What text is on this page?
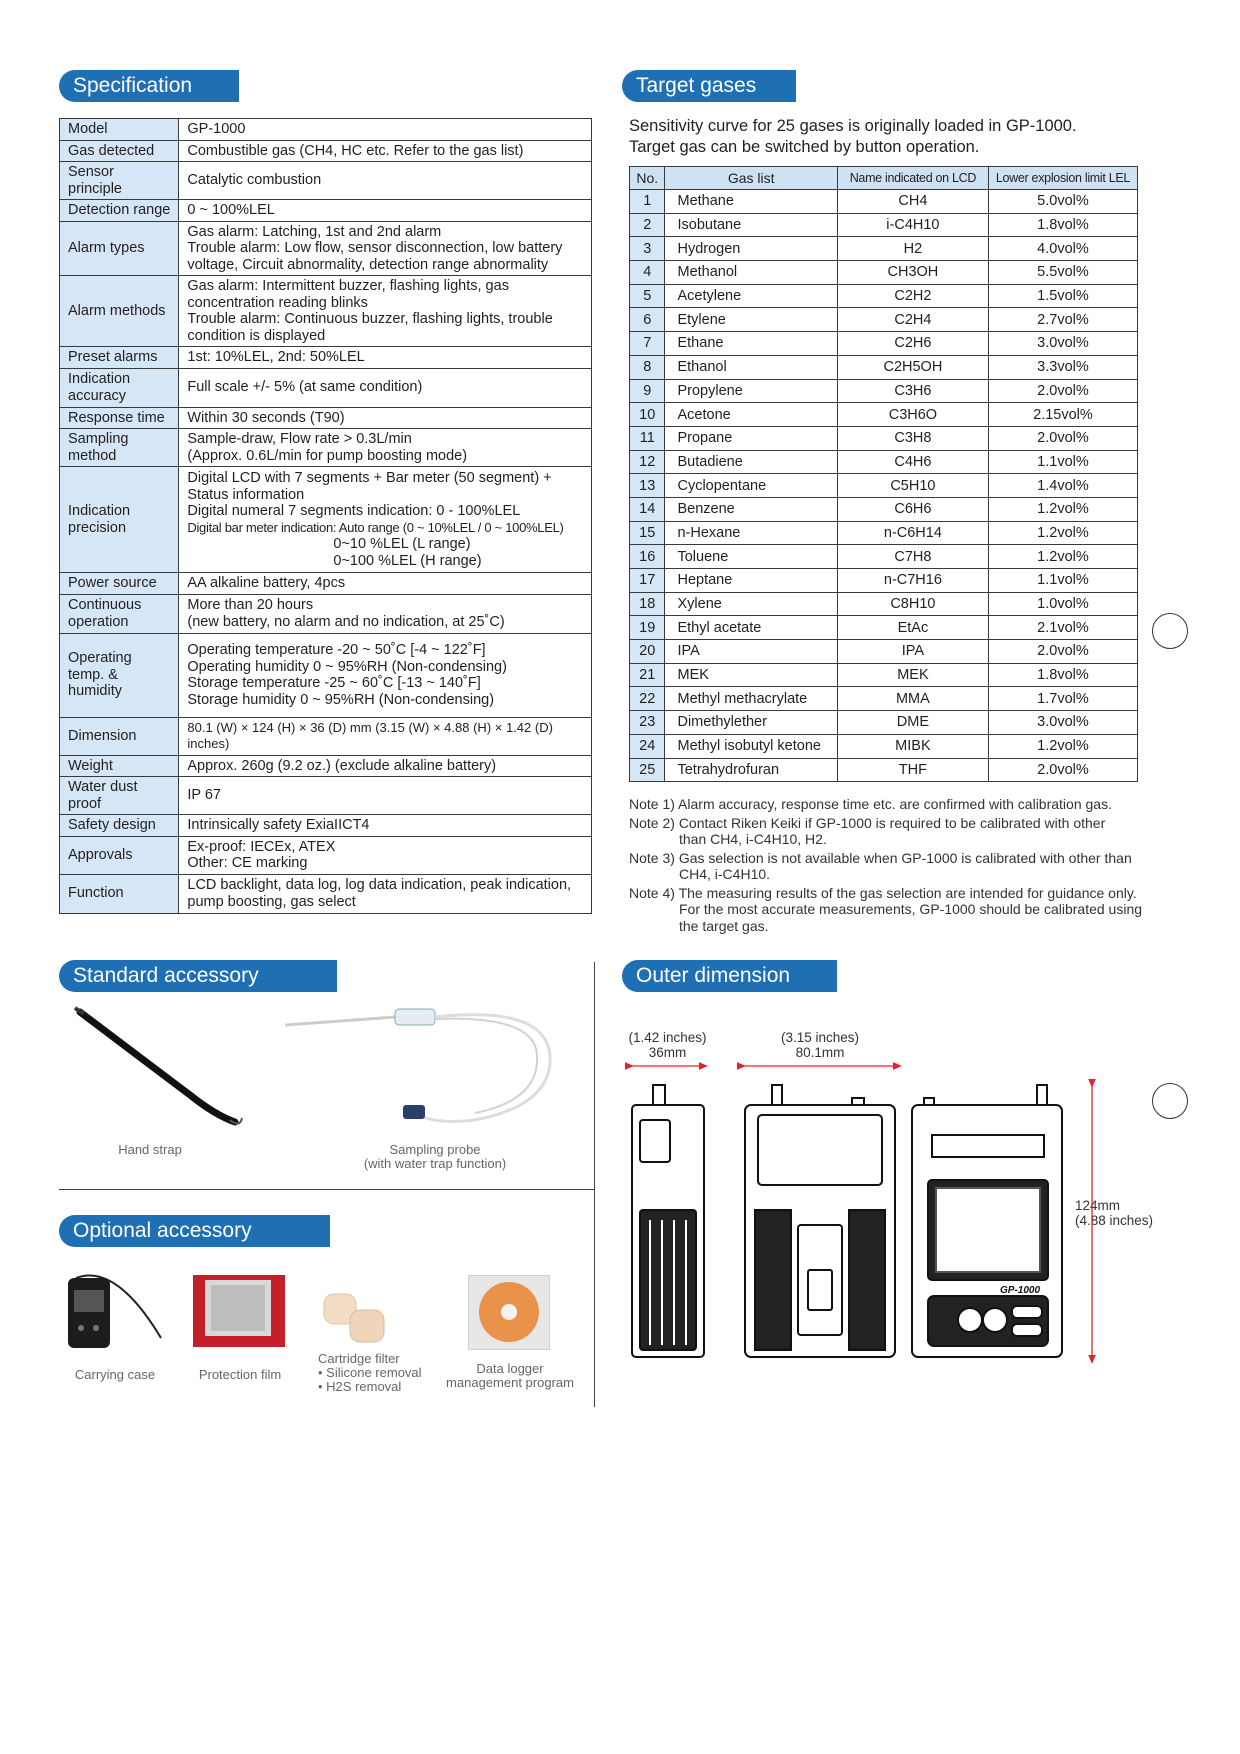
Specification
Model	GP-1000
Gas detected	Combustible gas (CH4, HC etc. Refer to the gas list)
Sensor principle	Catalytic combustion
Detection range	0 ~ 100%LEL
Alarm types	Gas alarm: Latching, 1st and 2nd alarm
Trouble alarm: Low flow, sensor disconnection, low battery voltage, Circuit abnormality, detection range abnormality

Alarm methods	Gas alarm: Intermittent buzzer, flashing lights, gas concentration reading blinks
Trouble alarm: Continuous buzzer, flashing lights, trouble condition is displayed

Preset alarms	1st: 10%LEL, 2nd: 50%LEL
Indication accuracy	Full scale +/- 5% (at same condition)
Response time	Within 30 seconds (T90)
Sampling method	Sample-draw, Flow rate > 0.3L/min
(Approx. 0.6L/min for pump boosting mode)

Indication precision	Digital LCD with 7 segments + Bar meter (50 segment) + Status information
Digital numeral 7 segments indication: 0 - 100%LEL
Digital bar meter indication: Auto range (0 ~ 10%LEL / 0 ~ 100%LEL)
0~10 %LEL (L range)
0~100 %LEL (H range)

Power source	AA alkaline battery, 4pcs
Continuous operation	More than 20 hours
(new battery, no alarm and no indication, at 25˚C)

Operating temp. & humidity	Operating temperature -20 ~ 50˚C [-4 ~ 122˚F]
Operating humidity 0 ~ 95%RH (Non-condensing)
Storage temperature -25 ~ 60˚C [-13 ~ 140˚F]
Storage humidity 0 ~ 95%RH (Non-condensing)

Dimension	80.1 (W) × 124 (H) × 36 (D) mm (3.15 (W) × 4.88 (H) × 1.42 (D) inches)
Weight	Approx. 260g (9.2 oz.) (exclude alkaline battery)
Water dust proof	IP 67
Safety design	Intrinsically safety ExiaIICT4
Approvals	Ex-proof: IECEx, ATEX
Other: CE marking

Function	LCD backlight, data log, log data indication, peak indication,
pump boosting, gas select
Target gases
Sensitivity curve for 25 gases is originally loaded in GP-1000.
Target gas can be switched by button operation.
No.	Gas list	Name indicated on LCD	Lower explosion limit LEL
1	Methane	CH4	5.0vol%
2	Isobutane	i-C4H10	1.8vol%
3	Hydrogen	H2	4.0vol%
4	Methanol	CH3OH	5.5vol%
5	Acetylene	C2H2	1.5vol%
6	Etylene	C2H4	2.7vol%
7	Ethane	C2H6	3.0vol%
8	Ethanol	C2H5OH	3.3vol%
9	Propylene	C3H6	2.0vol%
10	Acetone	C3H6O	2.15vol%
11	Propane	C3H8	2.0vol%
12	Butadiene	C4H6	1.1vol%
13	Cyclopentane	C5H10	1.4vol%
14	Benzene	C6H6	1.2vol%
15	n-Hexane	n-C6H14	1.2vol%
16	Toluene	C7H8	1.2vol%
17	Heptane	n-C7H16	1.1vol%
18	Xylene	C8H10	1.0vol%
19	Ethyl acetate	EtAc	2.1vol%
20	IPA	IPA	2.0vol%
21	MEK	MEK	1.8vol%
22	Methyl methacrylate	MMA	1.7vol%
23	Dimethylether	DME	3.0vol%
24	Methyl isobutyl ketone	MIBK	1.2vol%
25	Tetrahydrofuran	THF	2.0vol%
Note 1) Alarm accuracy, response time etc. are confirmed with calibration gas.
Note 2) Contact Riken Keiki if GP-1000 is required to be calibrated with other
than CH4, i-C4H10, H2.
Note 3) Gas selection is not available when GP-1000 is calibrated with other than
CH4, i-C4H10.
Note 4) The measuring results of the gas selection are intended for guidance only.
For the most accurate measurements, GP-1000 should be calibrated using
the target gas.
Standard accessory
Hand strap	Sampling probe
(with water trap function)
Optional accessory
Carrying case	Protection film
Cartridge filter
• Silicone removal
• H2S removal
Data logger
management program
Outer dimension
(1.42 inches)
36mm
(3.15 inches)
80.1mm
124mm
(4.88 inches)
GP-1000
